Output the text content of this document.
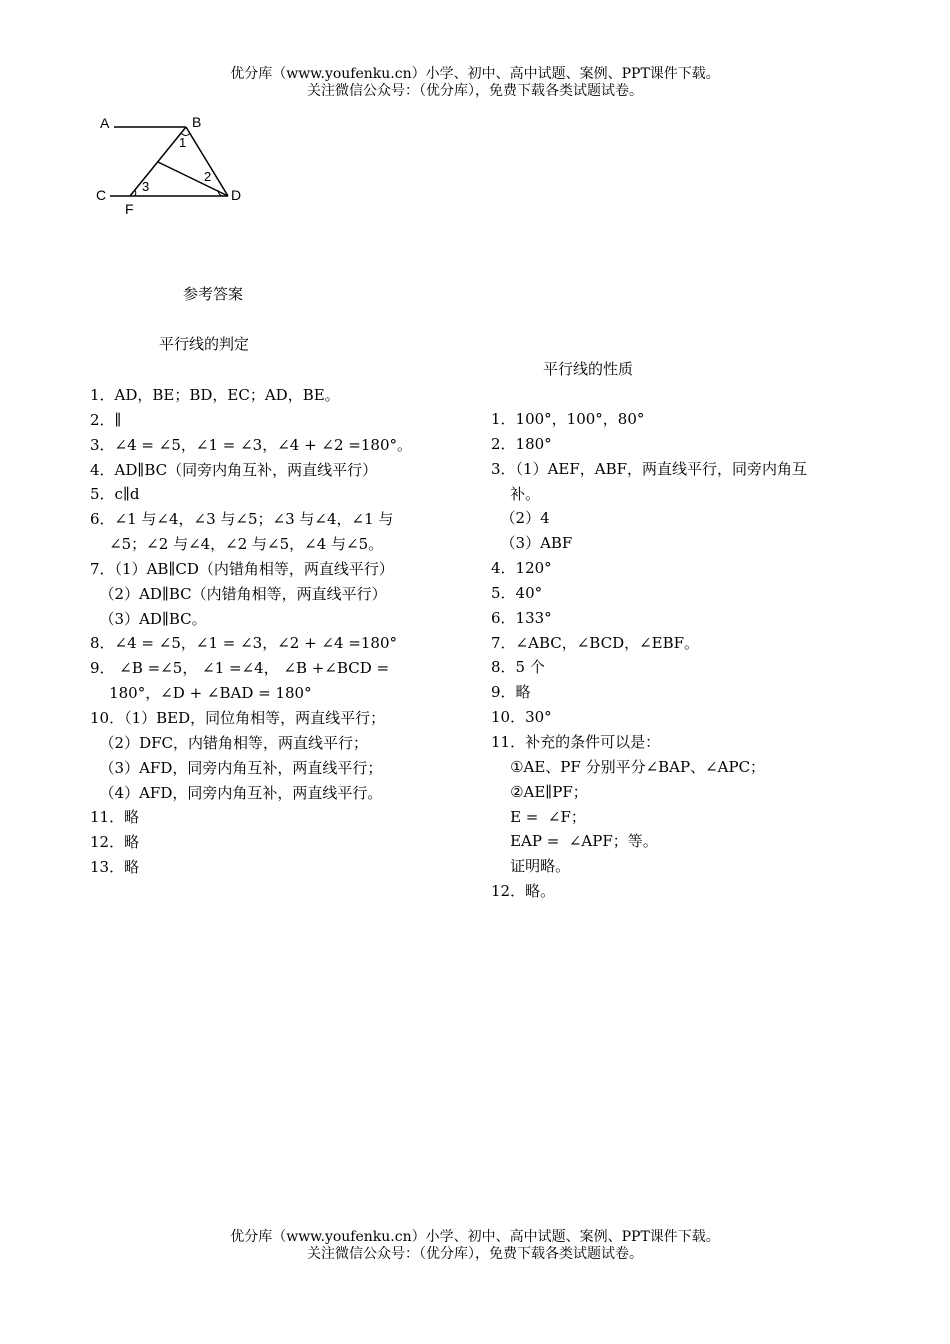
优分库（www.youfenku.cn）小学、初中、高中试题、案例、PPT课件下载。
关注微信公众号：（优分库），免费下载各类试题试卷。
A	B
C	D
F
1
2
3
参考答案
平行线的判定
平行线的性质
1．AD，BE；BD，EC；AD，BE。
2．∥
3．∠4 = ∠5，∠1 = ∠3，∠4 + ∠2 =180°。
4．AD∥BC（同旁内角互补，两直线平行）
5．c∥d
6．∠1 与∠4，∠3 与∠5；∠3 与∠4，∠1 与
∠5；∠2 与∠4，∠2 与∠5，∠4 与∠5。
7．（1）AB∥CD（内错角相等，两直线平行）
（2）AD∥BC（内错角相等，两直线平行）
（3）AD∥BC。
8．∠4 = ∠5，∠1 = ∠3，∠2 + ∠4 =180°
9． ∠B =∠5， ∠1 =∠4， ∠B +∠BCD =
180°，∠D + ∠BAD = 180°
10．（1）BED，同位角相等，两直线平行；
（2）DFC，内错角相等，两直线平行；
（3）AFD，同旁内角互补，两直线平行；
（4）AFD，同旁内角互补，两直线平行。
11．略
12．略
13．略
1．100°，100°，80°
2．180°
3．（1）AEF，ABF，两直线平行，同旁内角互
补。
（2）4
（3）ABF
4．120°
5．40°
6．133°
7．∠ABC，∠BCD，∠EBF。
8．5 个
9．略
10．30°
11．补充的条件可以是：
①AE、PF 分别平分∠BAP、∠APC；
②AE∥PF；
E =  ∠F；
EAP =  ∠APF；等。
证明略。
12．略。
优分库（www.youfenku.cn）小学、初中、高中试题、案例、PPT课件下载。
关注微信公众号：（优分库），免费下载各类试题试卷。
